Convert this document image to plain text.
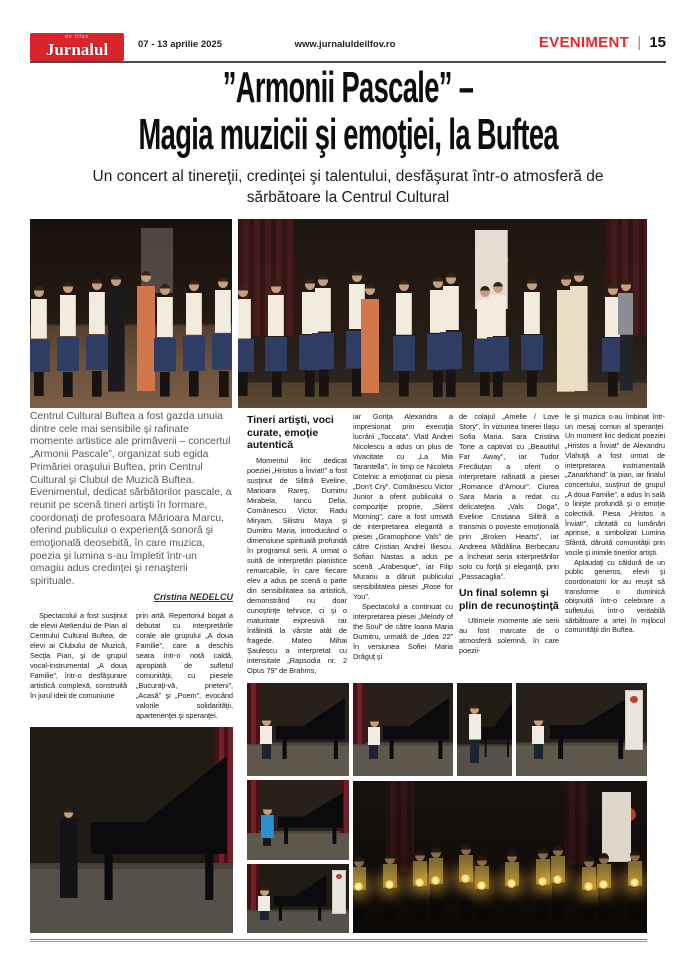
de Ilfov
Jurnalul	07 - 13 aprilie 2025	www.jurnaluldeilfov.ro	EVENIMENT | 15
”Armonii Pascale” –
Magia muzicii şi emoţiei, la Buftea
Un concert al tinereţii, credinţei şi talentului, desfăşurat într-o atmosferă de sărbătoare la Centrul Cultural
Centrul Cultural Buftea a fost gazda unuia dintre cele mai sensibile şi rafinate momente artistice ale primăverii – concertul „Armonii Pascale”, organizat sub egida Primăriei oraşului Buftea, prin Centrul Cultural şi Clubul de Muzică Buftea. Evenimentul, dedicat sărbătorilor pascale, a reunit pe scenă tineri artişti în formare, coordonaţi de profesoara Mărioara Marcu, oferind publicului o experienţă sonoră şi emoţională deosebită, în care muzica, poezia şi lumina s-au împletit într-un omagiu adus credinţei şi renaşterii spirituale.
Cristina NEDELCU

Spectacolul a fost susţinut de elevii Atelierului de Pian al Centrului Cultural Buftea, de elevi ai Clubului de Muzică, Secţia Pian, şi de grupul vocal-instrumental „A doua Familie”, într-o desfăşurare artistică complexă, construită în jurul ideii de comuniune

prin artă. Repertoriul bogat a debutat cu interpretările corale ale grupului „A doua Familie”, care a deschis seara într-o notă caldă, apropiată de sufletul comunităţii, cu piesele „Bucuraţi-vă, prieteni”, „Acasă” şi „Poem”, evocând valorile solidarităţii, apartenenţei şi speranţei.

Tineri artişti, voci curate, emoţie autentică

Momentul liric dedicat poeziei „Hristos a Înviat!” a fost susţinut de Silitră Eveline, Marioara Rareş, Dumitru Mirabela, Iancu Delia, Comănescu Victor, Radu Miryam, Silistru Maya şi Dumitru Maria, introducând o dimensiune spirituală profundă în programul serii. A urmat o suită de interpretări pianistice remarcabile, în care fiecare elev a adus pe scenă o parte din sensibilitatea sa artistică, demonstrând nu doar cunoştinţe tehnice, ci şi o maturitate expresivă rar întâlnită la vârste atât de fragede. Mateo Mihai Şaulescu a interpretat cu intensitate „Rapsodia nr. 2 Opus 79” de Brahms,

iar Gonţa Alexandra a impresionat prin execuţia lucrării „Toccata”. Vlad Andrei Nicolescu a adus un plus de vivacitate cu „La Mia Tarantella”, în timp ce Nicoleta Cotelnic a emoţionat cu piesa „Don't Cry”. Comănescu Victor Junior a oferit publicului o compoziţie proprie, „Silent Morning”, care a fost urmată de interpretarea elegantă a piesei „Gramophone Vals” de către Cristian Andrei Iliescu. Sofian Nastas a adus pe scenă „Arabesque”, iar Filip Murariu a dăruit publicului sensibilitatea piesei „Rose for You”.

Spectacolul a continuat cu interpretarea piesei „Melody of the Soul” de către Ioana Maria Dumitru, urmată de „Idea 22” în versiunea Sofiei Maria Drăguţ şi

de colajul „Amelie / Love Story”, în viziunea tinerei Ilaşu Sofia Maria. Sara Cristina Tone a captivat cu „Beautiful Far Away”, iar Tudor Frecăuţan a oferit o interpretare rafinată a piesei „Romance d'Amour”. Ciurea Sara Maria a redat cu delicateţea „Vals Doga”, Eveline Cristiana Silitră a transmis o poveste emoţională prin „Broken Hearts”, iar Andreea Mădălina Berbecaru a încheiat seria interpretărilor solo cu forţă şi eleganţă, prin „Passacaglia”.

Un final solemn şi plin de recunoştinţă

Ultimele momente ale serii au fost marcate de o atmosferă solemnă, în care poezii-

le şi muzica s-au îmbinat într-un mesaj comun al speranţei. Un moment liric dedicat poeziei „Hristos a Înviat” de Alexandru Vlahuţă a fost urmat de interpretarea instrumentală „Zanarkhand” la pian, iar finalul concertului, susţinut de grupul „A doua Familie”, a adus în sală o linişte profundă şi o emoţie colectivă. Piesa „Hristos a Înviat!”, cântată cu lumânări aprinse, a simbolizat Lumina Sfântă, dăruită comunităţii prin vocile şi inimile tinerilor artişti.

Aplaudaţi cu căldură de un public generos, elevii şi coordonatorii lor au reuşit să transforme o duminică obişnuită într-o celebrare a sufletului, într-o veritabilă sărbătoare a artei în mijlocul comunităţii din Buftea.
